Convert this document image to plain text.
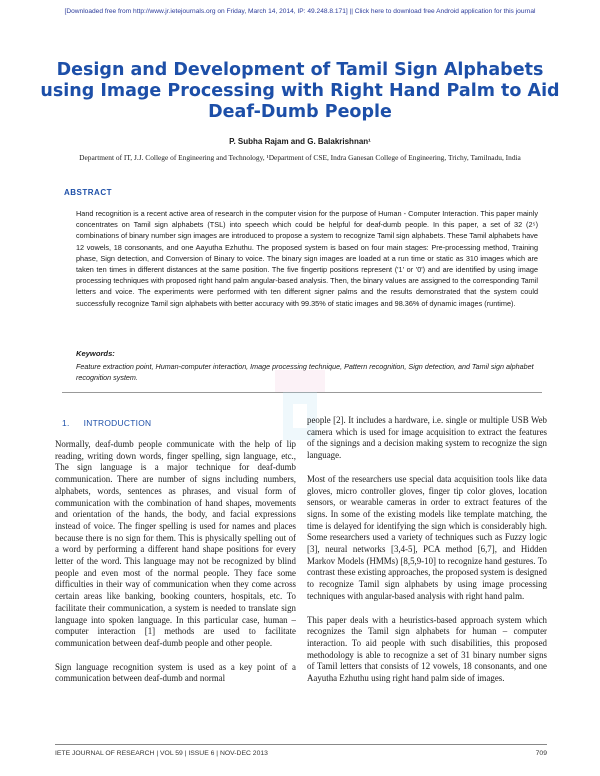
[Downloaded free from http://www.jr.ietejournals.org on Friday, March 14, 2014, IP: 49.248.8.171] || Click here to download free Android application for this journal
Design and Development of Tamil Sign Alphabets using Image Processing with Right Hand Palm to Aid Deaf-Dumb People
P. Subha Rajam and G. Balakrishnan¹
Department of IT, J.J. College of Engineering and Technology, ¹Department of CSE, Indra Ganesan College of Engineering, Trichy, Tamilnadu, India
ABSTRACT

Hand recognition is a recent active area of research in the computer vision for the purpose of Human - Computer Interaction. This paper mainly concentrates on Tamil sign alphabets (TSL) into speech which could be helpful for deaf-dumb people. In this paper, a set of 32 (2⁵) combinations of binary number sign images are introduced to propose a system to recognize Tamil sign alphabets. These Tamil alphabets have 12 vowels, 18 consonants, and one Aayutha Ezhuthu. The proposed system is based on four main stages: Pre-processing method, Training phase, Sign detection, and Conversion of Binary to voice. The binary sign images are loaded at a run time or static as 310 images which are taken ten times in different distances at the same position. The five fingertip positions represent ('1' or '0') and are identified by using image processing techniques with proposed right hand palm angular-based analysis. Then, the binary values are assigned to the corresponding Tamil letters and voice. The experiments were performed with ten different signer palms and the results demonstrated that the system could successfully recognize Tamil sign alphabets with better accuracy with 99.35% of static images and 98.36% of dynamic images (runtime).

Keywords:

Feature extraction point, Human-computer interaction, Image processing technique, Pattern recognition, Sign detection, and Tamil sign alphabet recognition system.

1. INTRODUCTION

Normally, deaf-dumb people communicate with the help of lip reading, writing down words, finger spelling, sign language, etc., The sign language is a major technique for deaf-dumb communication. There are number of signs including numbers, alphabets, words, sentences as phrases, and visual form of communication with the combination of hand shapes, movements and orientation of the hands, the body, and facial expressions instead of voice. The finger spelling is used for names and places because there is no sign for them. This is physically spelling out of a word by performing a different hand shape positions for every letter of the word. This language may not be recognized by blind people and even most of the normal people. They face some difficulties in their way of communication when they come across certain areas like banking, booking counters, hospitals, etc. To facilitate their communication, a system is needed to translate sign language into spoken language. In this particular case, human – computer interaction [1] methods are used to facilitate communication between deaf-dumb people and other people.

Sign language recognition system is used as a key point of a communication between deaf-dumb and normal

people [2]. It includes a hardware, i.e. single or multiple USB Web camera which is used for image acquisition to extract the features of the signings and a decision making system to recognize the sign language.

Most of the researchers use special data acquisition tools like data gloves, micro controller gloves, finger tip color gloves, location sensors, or wearable cameras in order to extract features of the signs. In some of the existing models like template matching, the time is delayed for identifying the sign which is considerably high. Some researchers used a variety of techniques such as Fuzzy logic [3], neural networks [3,4-5], PCA method [6,7], and Hidden Markov Models (HMMs) [8,5,9-10] to recognize hand gestures. To contrast these existing approaches, the proposed system is designed to recognize Tamil sign alphabets by using image processing techniques with angular-based analysis with right hand palm.

This paper deals with a heuristics-based approach system which recognizes the Tamil sign alphabets for human – computer interaction. To aid people with such disabilities, this proposed methodology is able to recognize a set of 31 binary number signs of Tamil letters that consists of 12 vowels, 18 consonants, and one Aayutha Ezhuthu using right hand palm side of images.

IETE JOURNAL OF RESEARCH | VOL 59 | ISSUE 6 | NOV-DEC 2013	709
